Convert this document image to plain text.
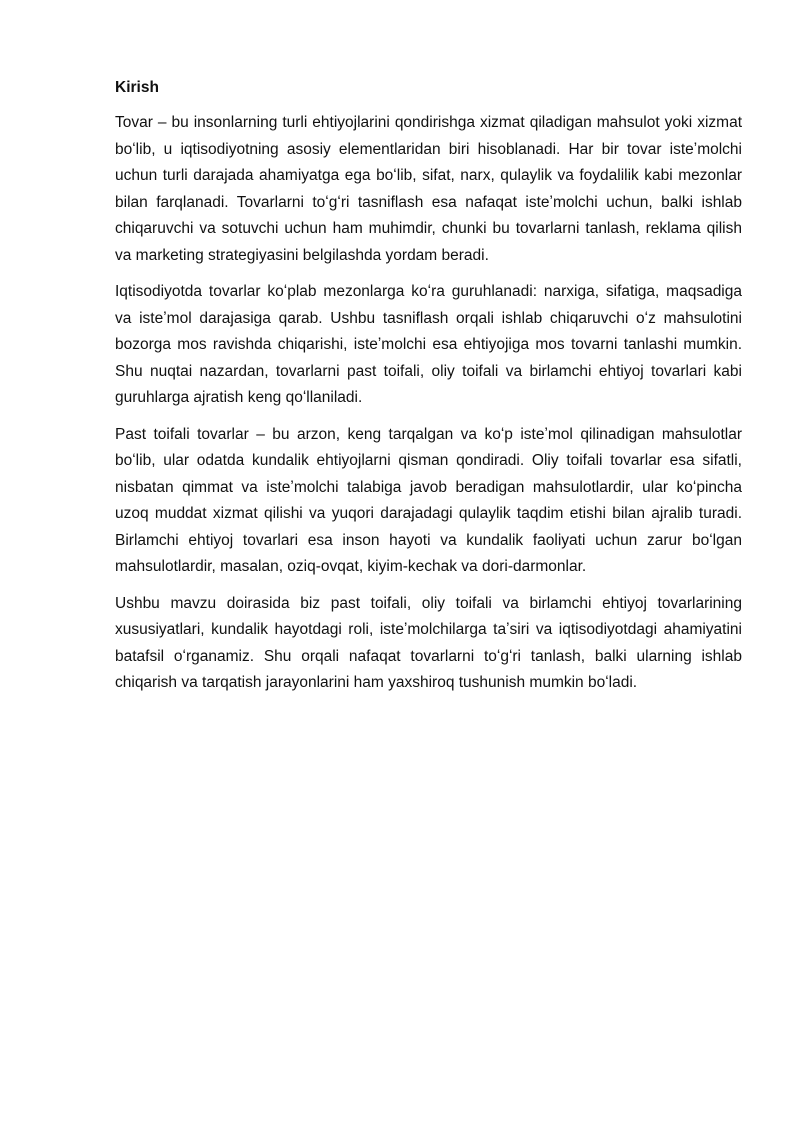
Kirish

Tovar – bu insonlarning turli ehtiyojlarini qondirishga xizmat qiladigan mahsulot yoki xizmat boʻlib, u iqtisodiyotning asosiy elementlaridan biri hisoblanadi. Har bir tovar isteʼmolchi uchun turli darajada ahamiyatga ega boʻlib, sifat, narx, qulaylik va foydalilik kabi mezonlar bilan farqlanadi. Tovarlarni toʻgʻri tasniflash esa nafaqat isteʼmolchi uchun, balki ishlab chiqaruvchi va sotuvchi uchun ham muhimdir, chunki bu tovarlarni tanlash, reklama qilish va marketing strategiyasini belgilashda yordam beradi.

Iqtisodiyotda tovarlar koʻplab mezonlarga koʻra guruhlanadi: narxiga, sifatiga, maqsadiga va isteʼmol darajasiga qarab. Ushbu tasniflash orqali ishlab chiqaruvchi oʻz mahsulotini bozorga mos ravishda chiqarishi, isteʼmolchi esa ehtiyojiga mos tovarni tanlashi mumkin. Shu nuqtai nazardan, tovarlarni past toifali, oliy toifali va birlamchi ehtiyoj tovarlari kabi guruhlarga ajratish keng qoʻllaniladi.

Past toifali tovarlar – bu arzon, keng tarqalgan va koʻp isteʼmol qilinadigan mahsulotlar boʻlib, ular odatda kundalik ehtiyojlarni qisman qondiradi. Oliy toifali tovarlar esa sifatli, nisbatan qimmat va isteʼmolchi talabiga javob beradigan mahsulotlardir, ular koʻpincha uzoq muddat xizmat qilishi va yuqori darajadagi qulaylik taqdim etishi bilan ajralib turadi. Birlamchi ehtiyoj tovarlari esa inson hayoti va kundalik faoliyati uchun zarur boʻlgan mahsulotlardir, masalan, oziq-ovqat, kiyim-kechak va dori-darmonlar.

Ushbu mavzu doirasida biz past toifali, oliy toifali va birlamchi ehtiyoj tovarlarining xususiyatlari, kundalik hayotdagi roli, isteʼmolchilarga taʼsiri va iqtisodiyotdagi ahamiyatini batafsil oʻrganamiz. Shu orqali nafaqat tovarlarni toʻgʻri tanlash, balki ularning ishlab chiqarish va tarqatish jarayonlarini ham yaxshiroq tushunish mumkin boʻladi.
